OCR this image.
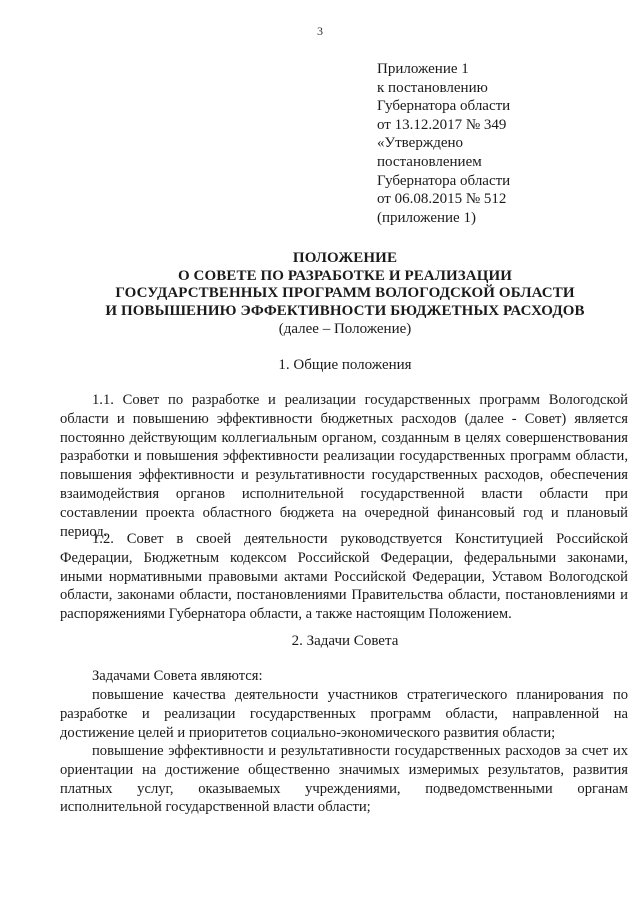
3
Приложение 1
к постановлению
Губернатора области
от 13.12.2017 № 349
«Утверждено
постановлением
Губернатора области
от 06.08.2015 № 512
(приложение 1)
ПОЛОЖЕНИЕ
О СОВЕТЕ ПО РАЗРАБОТКЕ И РЕАЛИЗАЦИИ
ГОСУДАРСТВЕННЫХ ПРОГРАММ ВОЛОГОДСКОЙ ОБЛАСТИ
И ПОВЫШЕНИЮ ЭФФЕКТИВНОСТИ БЮДЖЕТНЫХ РАСХОДОВ
(далее – Положение)
1. Общие положения

1.1. Совет по разработке и реализации государственных программ Вологодской области и повышению эффективности бюджетных расходов (далее - Совет) является постоянно действующим коллегиальным органом, созданным в целях совершенствования разработки и повышения эффективности реализации государственных программ области, повышения эффективности и результативности государственных расходов, обеспечения взаимодействия органов исполнительной государственной власти области при составлении проекта областного бюджета на очередной финансовый год и плановый период.

1.2. Совет в своей деятельности руководствуется Конституцией Российской Федерации, Бюджетным кодексом Российской Федерации, федеральными законами, иными нормативными правовыми актами Российской Федерации, Уставом Вологодской области, законами области, постановлениями Правительства области, постановлениями и распоряжениями Губернатора области, а также настоящим Положением.

2. Задачи Совета

Задачами Совета являются:

повышение качества деятельности участников стратегического планирования по разработке и реализации государственных программ области, направленной на достижение целей и приоритетов социально-экономического развития области;

повышение эффективности и результативности государственных расходов за счет их ориентации на достижение общественно значимых измеримых результатов, развития платных услуг, оказываемых учреждениями, подведомственными органам исполнительной государственной власти области;
